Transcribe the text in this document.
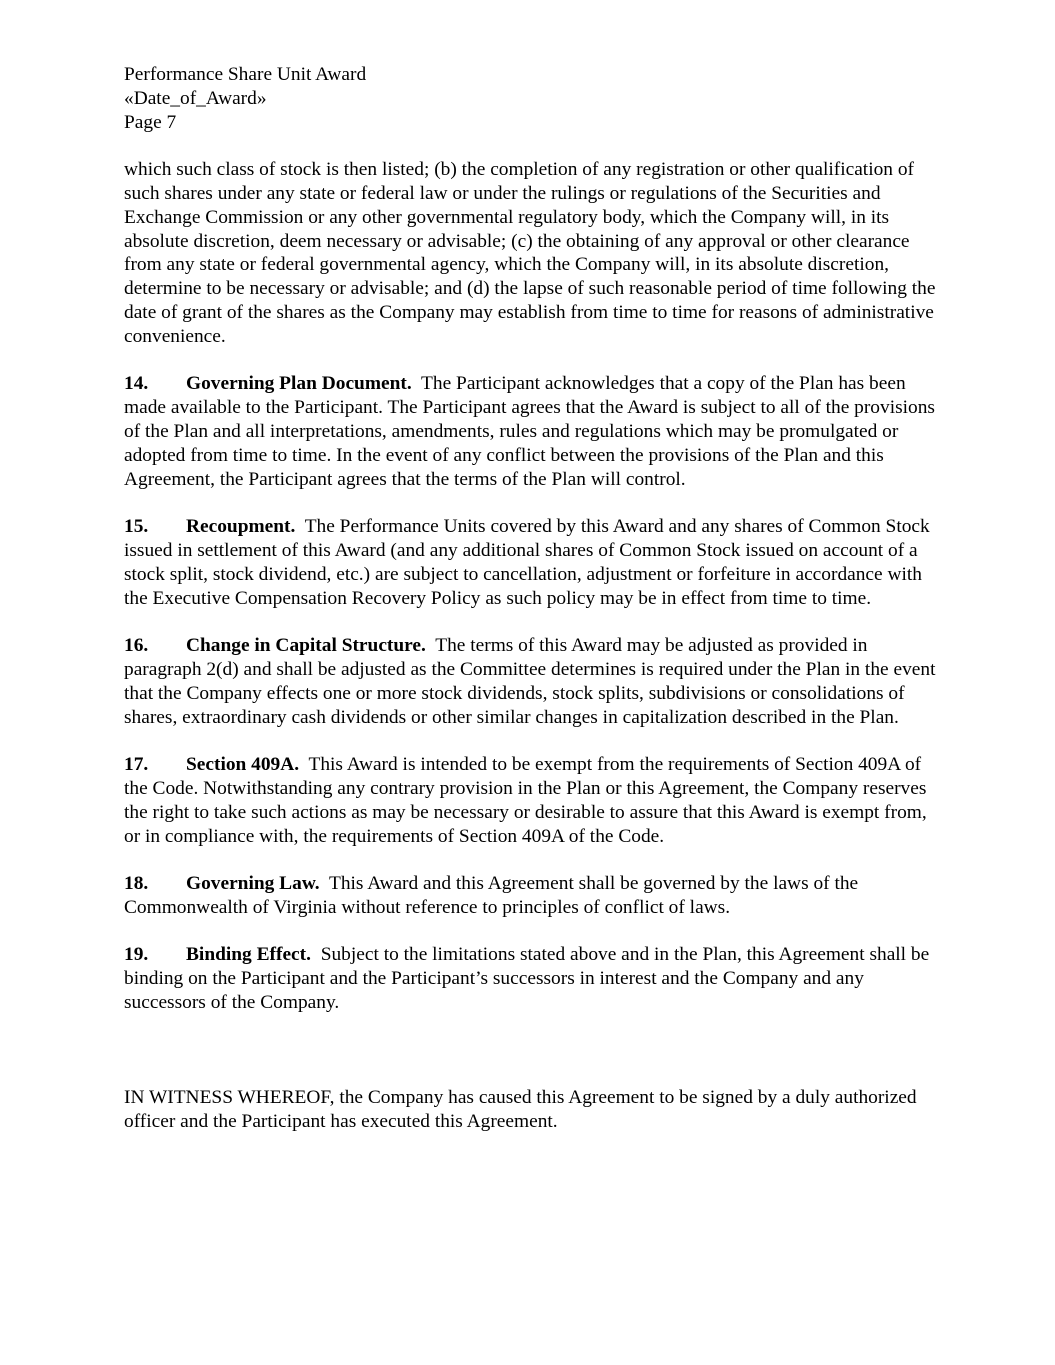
Performance Share Unit Award
«Date_of_Award»
Page 7

which such class of stock is then listed; (b) the completion of any registration or other qualification of such shares under any state or federal law or under the rulings or regulations of the Securities and Exchange Commission or any other governmental regulatory body, which the Company will, in its absolute discretion, deem necessary or advisable; (c) the obtaining of any approval or other clearance from any state or federal governmental agency, which the Company will, in its absolute discretion, determine to be necessary or advisable; and (d) the lapse of such reasonable period of time following the date of grant of the shares as the Company may establish from time to time for reasons of administrative convenience.

14. Governing Plan Document. The Participant acknowledges that a copy of the Plan has been made available to the Participant. The Participant agrees that the Award is subject to all of the provisions of the Plan and all interpretations, amendments, rules and regulations which may be promulgated or adopted from time to time. In the event of any conflict between the provisions of the Plan and this Agreement, the Participant agrees that the terms of the Plan will control.

15. Recoupment. The Performance Units covered by this Award and any shares of Common Stock issued in settlement of this Award (and any additional shares of Common Stock issued on account of a stock split, stock dividend, etc.) are subject to cancellation, adjustment or forfeiture in accordance with the Executive Compensation Recovery Policy as such policy may be in effect from time to time.

16. Change in Capital Structure. The terms of this Award may be adjusted as provided in paragraph 2(d) and shall be adjusted as the Committee determines is required under the Plan in the event that the Company effects one or more stock dividends, stock splits, subdivisions or consolidations of shares, extraordinary cash dividends or other similar changes in capitalization described in the Plan.

17. Section 409A. This Award is intended to be exempt from the requirements of Section 409A of the Code. Notwithstanding any contrary provision in the Plan or this Agreement, the Company reserves the right to take such actions as may be necessary or desirable to assure that this Award is exempt from, or in compliance with, the requirements of Section 409A of the Code.

18. Governing Law. This Award and this Agreement shall be governed by the laws of the Commonwealth of Virginia without reference to principles of conflict of laws.

19. Binding Effect. Subject to the limitations stated above and in the Plan, this Agreement shall be binding on the Participant and the Participant’s successors in interest and the Company and any successors of the Company.

IN WITNESS WHEREOF, the Company has caused this Agreement to be signed by a duly authorized officer and the Participant has executed this Agreement.
